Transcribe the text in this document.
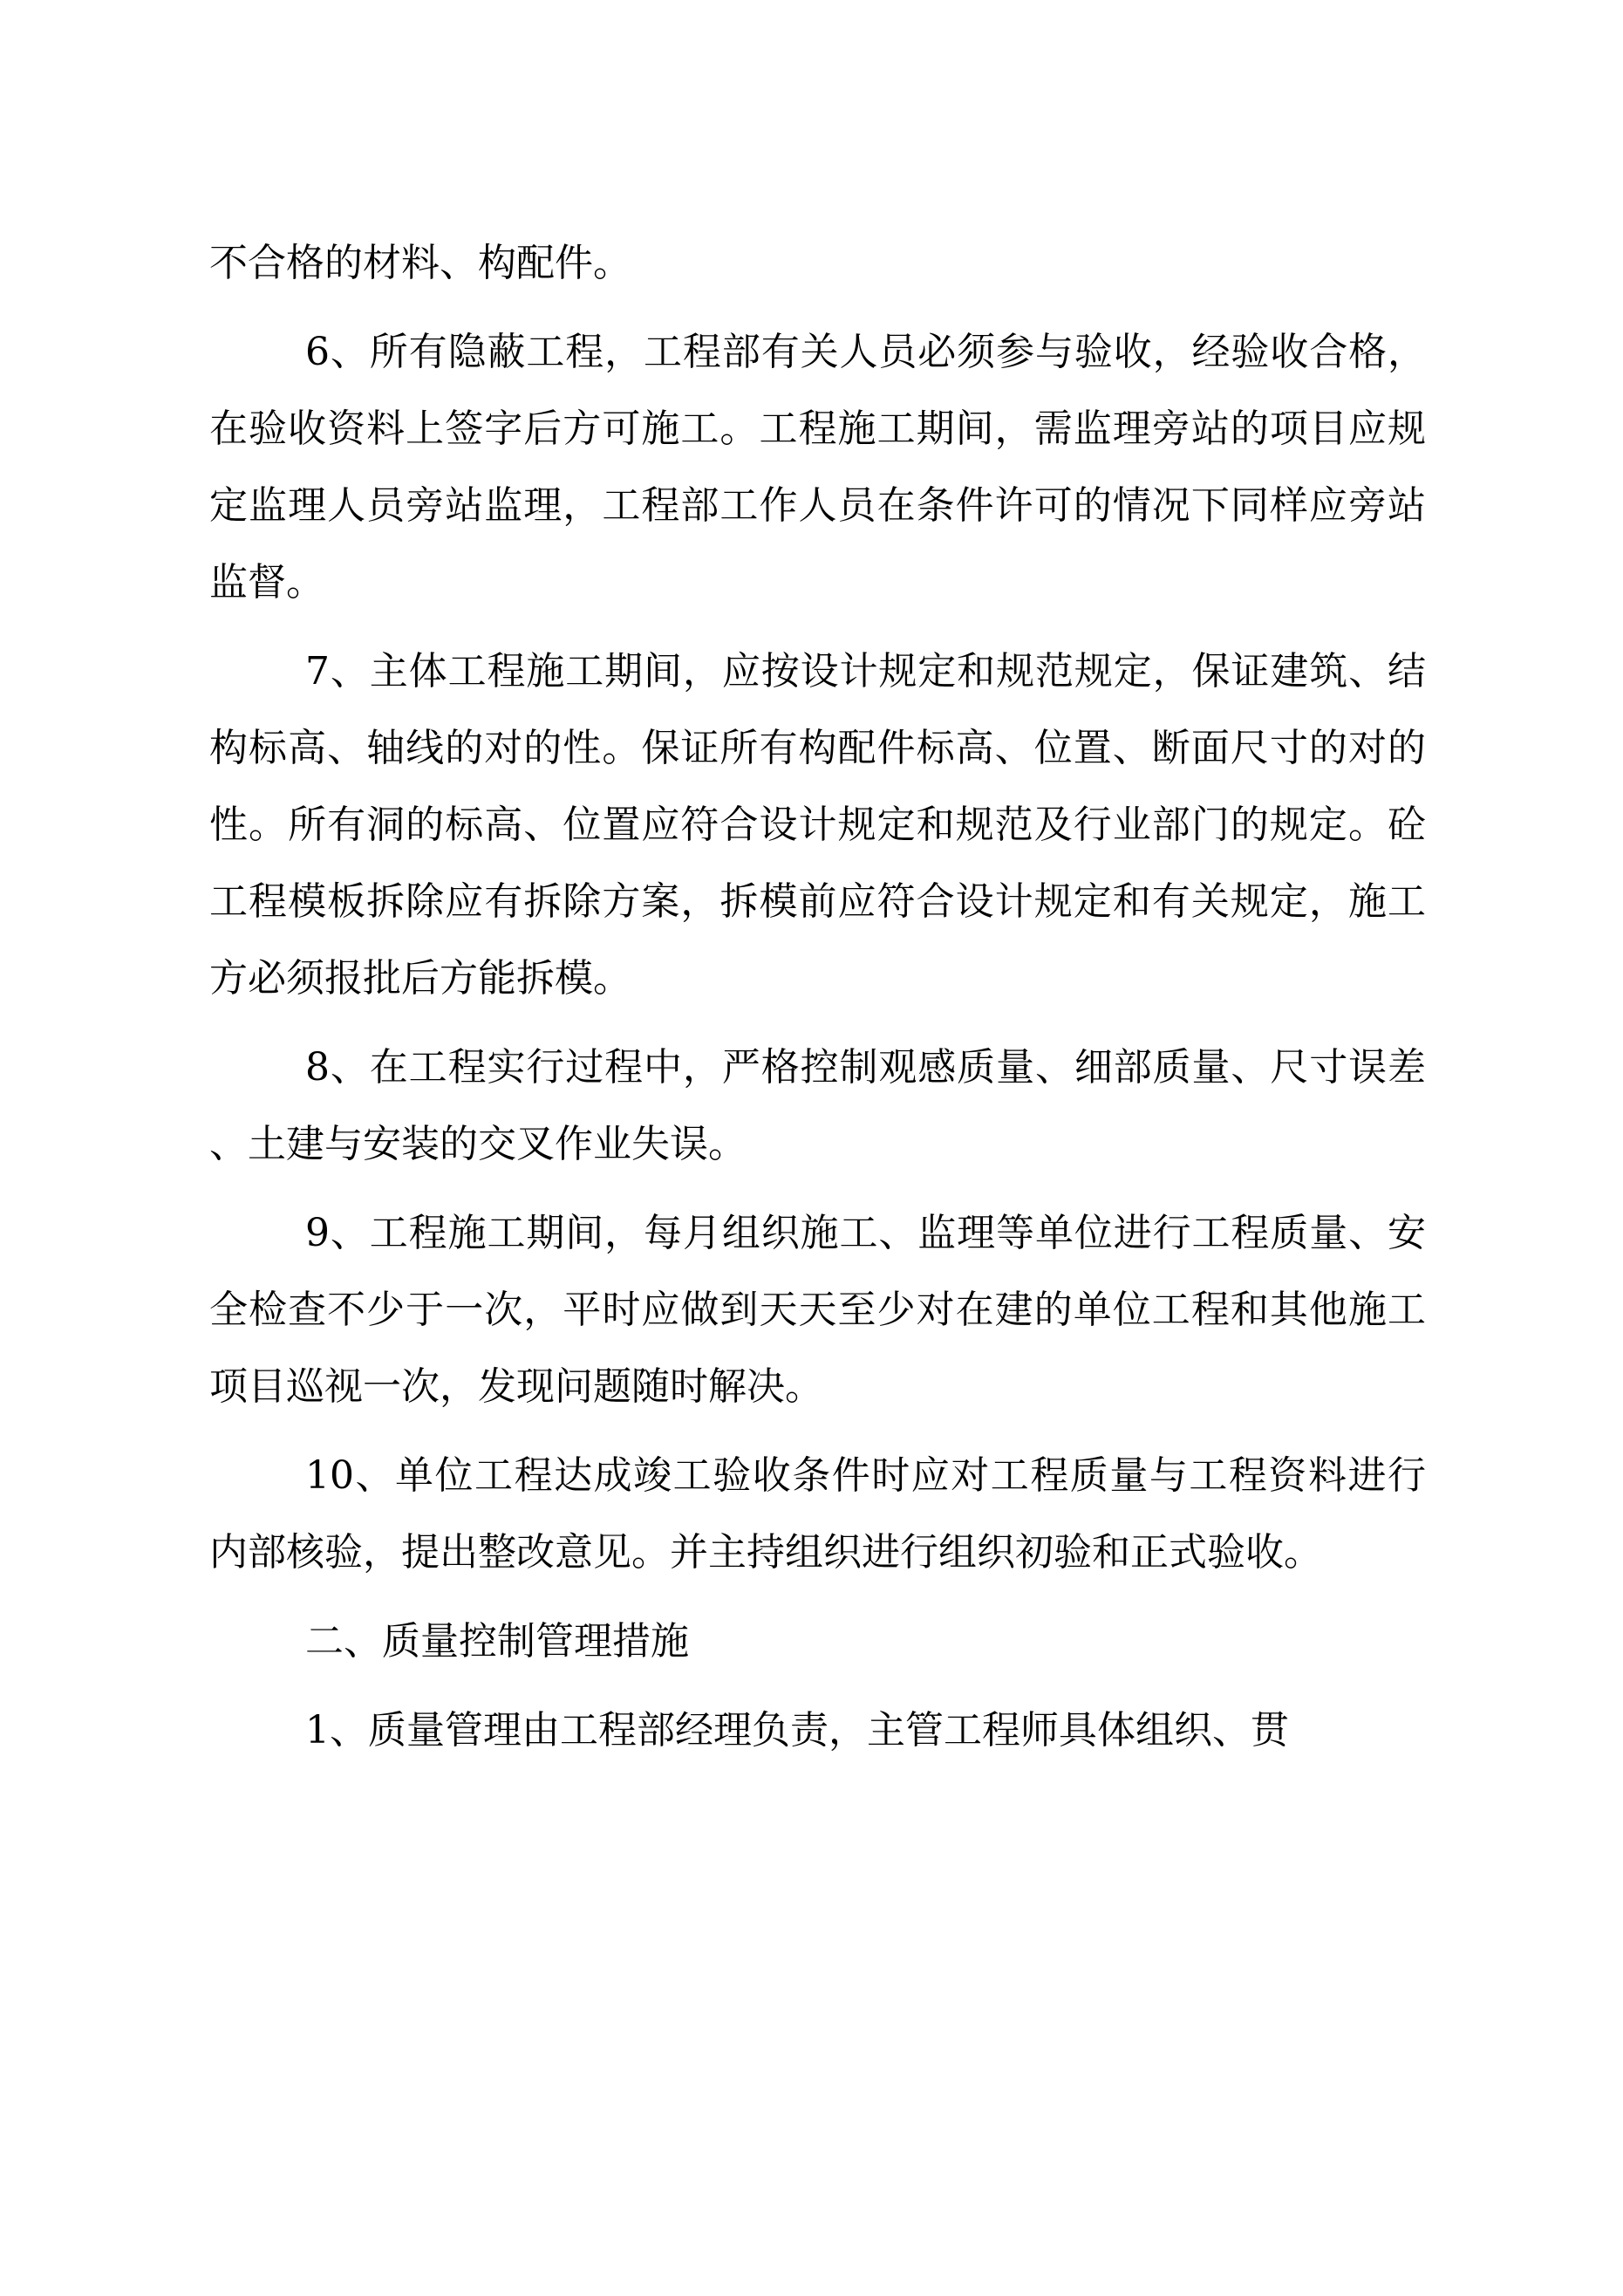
不合格的材料、构配件。
6、所有隐蔽工程，工程部有关人员必须参与验收，经验收合格，
在验收资料上签字后方可施工。工程施工期间，需监理旁站的项目应规
定监理人员旁站监理，工程部工作人员在条件许可的情况下同样应旁站
监督。
7、主体工程施工期间，应按设计规定和规范规定，保证建筑、结
构标高、轴线的对的性。保证所有构配件标高、位置、断面尺寸的对的
性。所有洞的标高、位置应符合设计规定和规范及行业部门的规定。砼
工程模板拆除应有拆除方案，拆模前应符合设计规定和有关规定，施工
方必须报批后方能拆模。
8、在工程实行过程中，严格控制观感质量、细部质量、尺寸误差
、土建与安装的交叉作业失误。
9、工程施工期间，每月组织施工、监理等单位进行工程质量、安
全检查不少于一次，平时应做到天天至少对在建的单位工程和其他施工
项目巡视一次，发现问题随时解决。
10、单位工程达成竣工验收条件时应对工程质量与工程资料进行
内部核验，提出整改意见。并主持组织进行组织初验和正式验收。
二、质量控制管理措施
1、质量管理由工程部经理负责，主管工程师具体组织、贯
